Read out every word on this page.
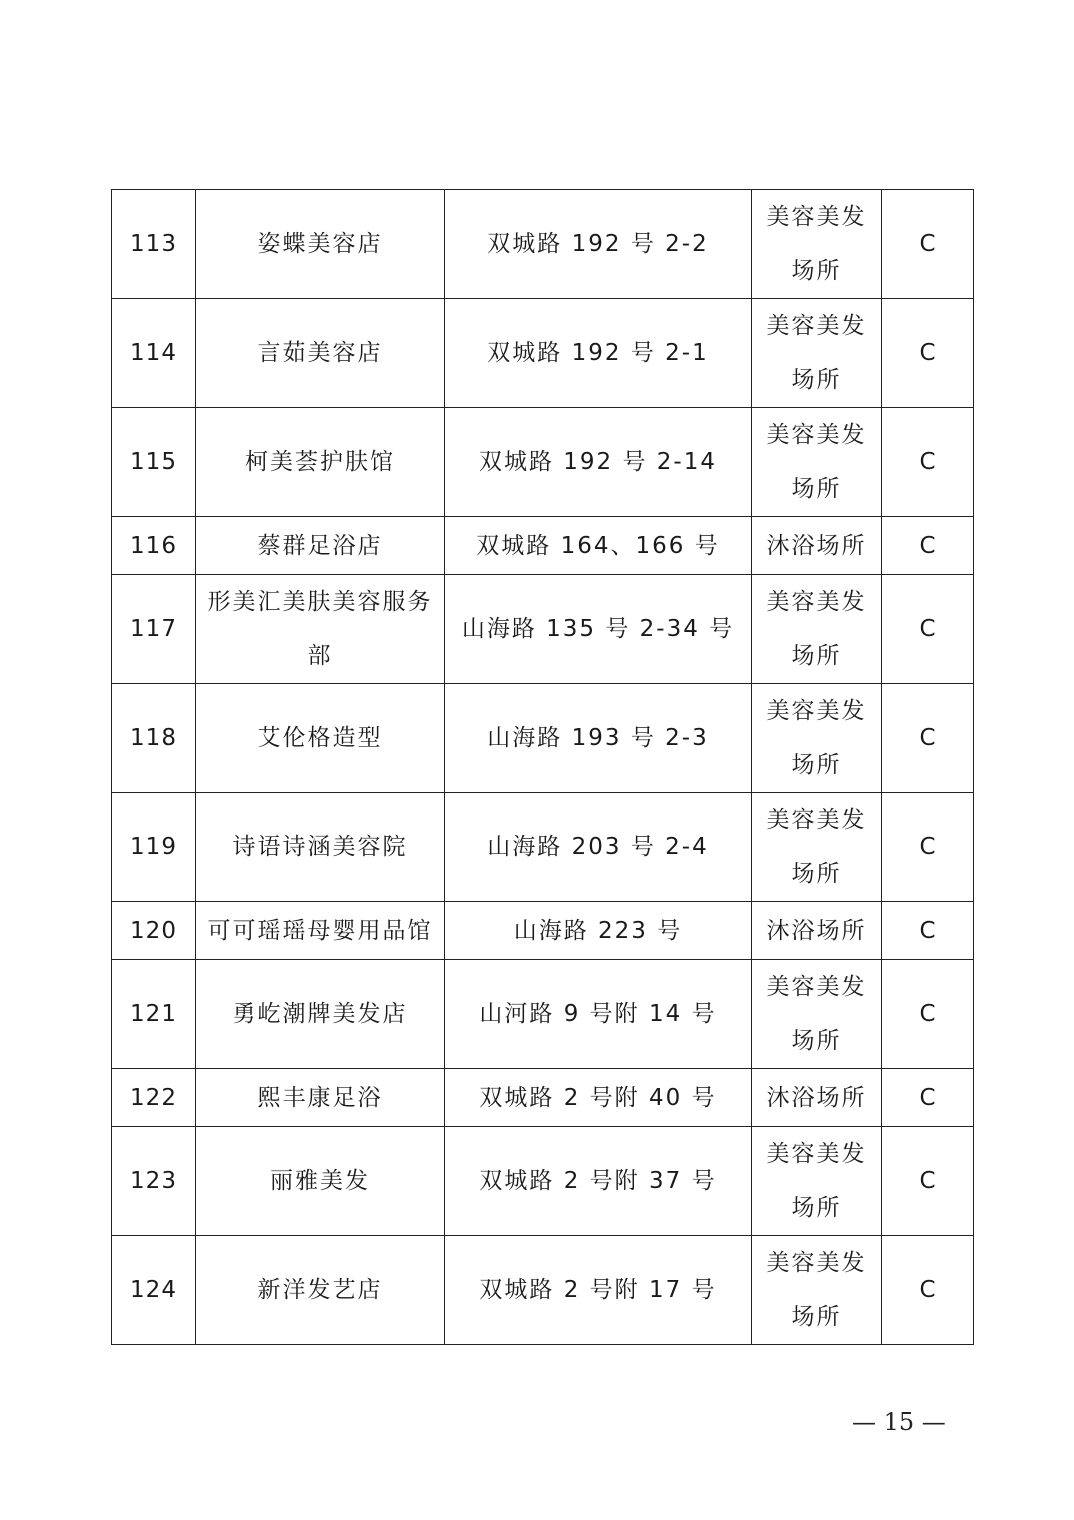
113	姿蝶美容店	双城路 192 号 2-2	美容美发场所	C
114	言茹美容店	双城路 192 号 2-1	美容美发场所	C
115	柯美荟护肤馆	双城路 192 号 2-14	美容美发场所	C
116	蔡群足浴店	双城路 164、166 号	沐浴场所	C
117	形美汇美肤美容服务部	山海路 135 号 2-34 号	美容美发场所	C
118	艾伦格造型	山海路 193 号 2-3	美容美发场所	C
119	诗语诗涵美容院	山海路 203 号 2-4	美容美发场所	C
120	可可瑶瑶母婴用品馆	山海路 223 号	沐浴场所	C
121	勇屹潮牌美发店	山河路 9 号附 14 号	美容美发场所	C
122	熙丰康足浴	双城路 2 号附 40 号	沐浴场所	C
123	丽雅美发	双城路 2 号附 37 号	美容美发场所	C
124	新洋发艺店	双城路 2 号附 17 号	美容美发场所	C
— 15 —
